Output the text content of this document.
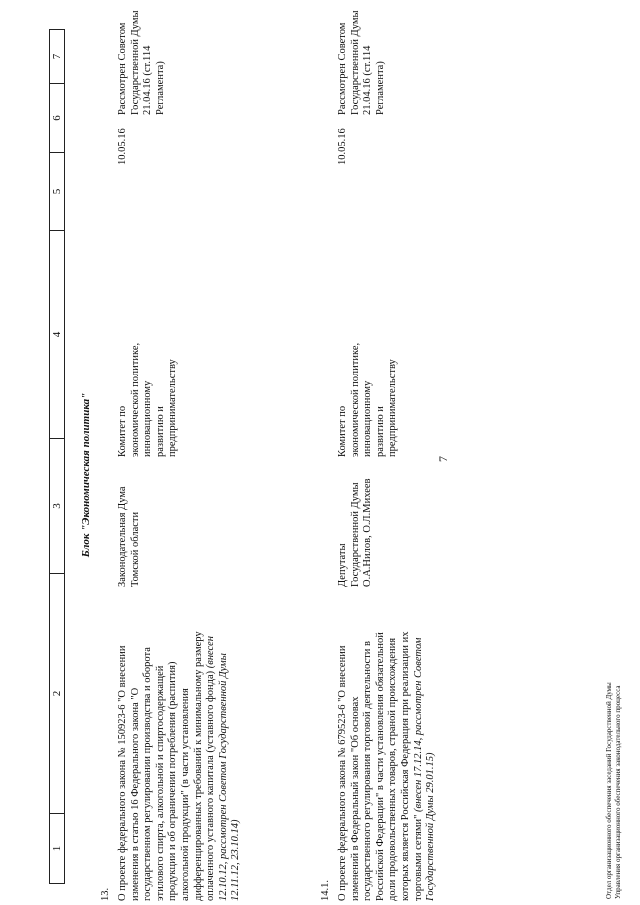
7
1
2
3
4
5
6
7
Блок "Экономическая политика"
13. О проекте федерального закона № 150923-6 "О внесении изменения в статью 16 Федерального закона "О государственном регулировании производства и оборота этилового спирта, алкогольной и спиртосодержащей продукции и об ограничении потребления (распития) алкогольной продукции" (в части установления дифференцированных требований к минимальному размеру оплаченного уставного капитала (уставного фонда) (внесен 12.10.12, рассмотрен Советом Государственной Думы 12.11.12, 23.10.14)
Законодательная Дума Томской области
Комитет по экономической политике, инновационному развитию и предпринимательству
10.05.16
Рассмотрен Советом Государственной Думы 21.04.16 (ст.114 Регламента)
14.1. О проекте федерального закона № 679523-6 "О внесении изменений в Федеральный закон "Об основах государственного регулирования торговой деятельности в Российской Федерации" в части установления обязательной доли продовольственных товаров, страной происхождения которых является Российская Федерация при реализации их торговыми сетями" (внесен 17.12.14, рассмотрен Советом Государственной Думы 29.01.15)
Депутаты Государственной Думы О.А.Нилов, О.Л.Михеев
Комитет по экономической политике, инновационному развитию и предпринимательству
10.05.16
Рассмотрен Советом Государственной Думы 21.04.16 (ст.114 Регламента)
Отдел организационного обеспечения заседаний Государственной Думы Управления организационного обеспечения законодательного процесса
